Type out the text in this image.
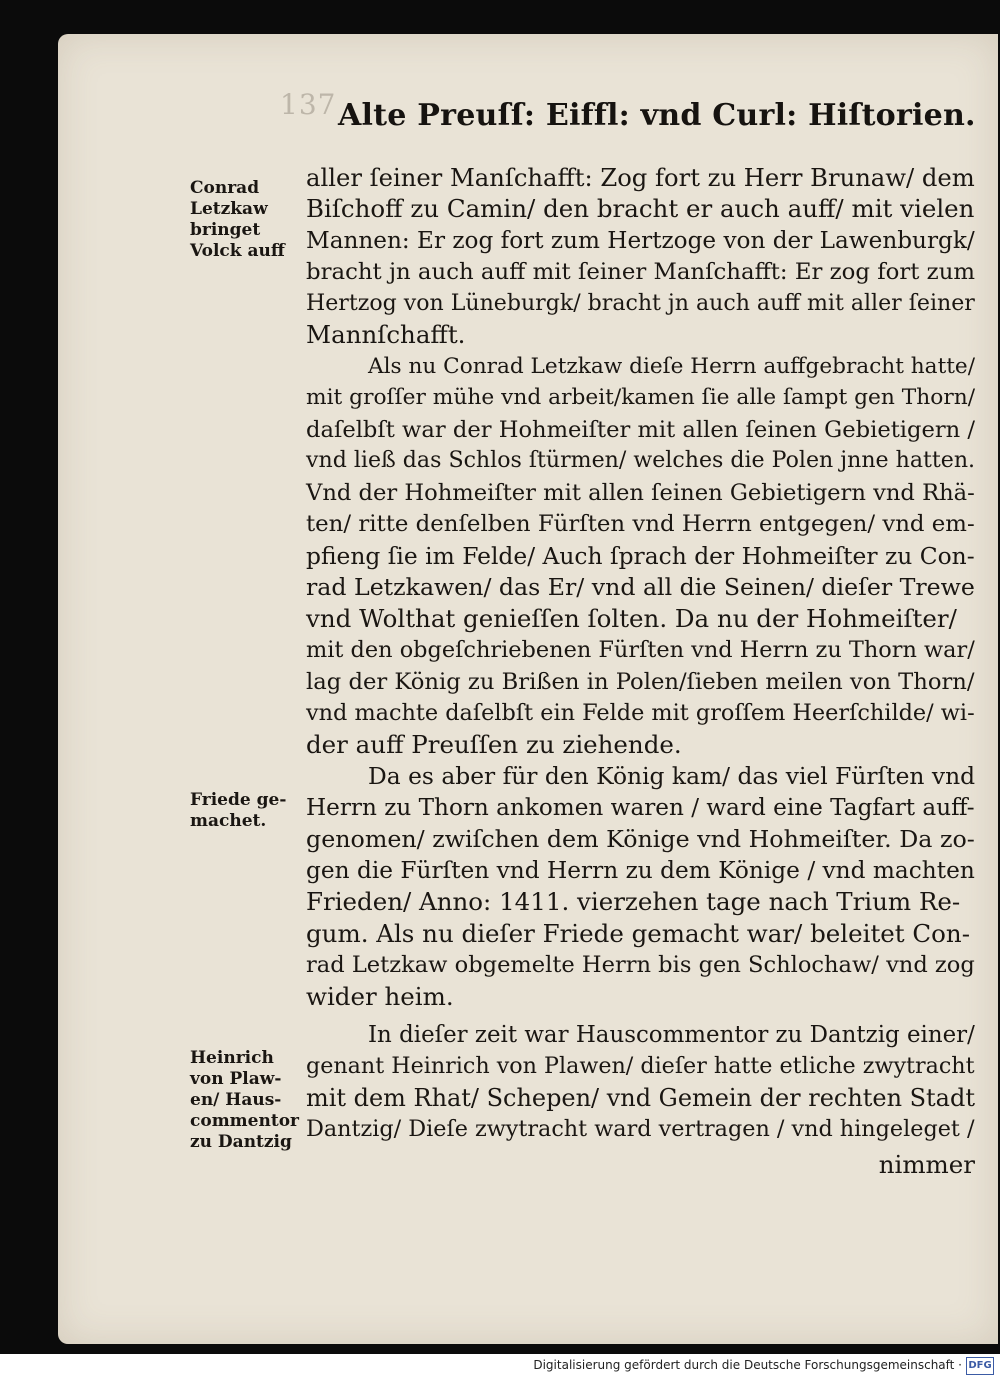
137 Alte Preuſſ: Eiffl: vnd Curl: Hiſtorien.
Conrad Letzkaw bringet Volck auff
Friede ge-machet.
Heinrich von Plaw-en/ Haus-commentor zu Dantzig
aller ſeiner Manſchafft: Zog fort zu Herr Brunaw/ dem
Biſchoff zu Camin/ den bracht er auch auff/ mit vielen
Mannen: Er zog fort zum Hertzoge von der Lawenburgk/
bracht jn auch auff mit ſeiner Manſchafft: Er zog fort zum
Hertzog von Lüneburgk/ bracht jn auch auff mit aller ſeiner
Mannſchafft.
Als nu Conrad Letzkaw dieſe Herrn auffgebracht hatte/
mit groſſer mühe vnd arbeit/kamen ſie alle ſampt gen Thorn/
daſelbſt war der Hohmeiſter mit allen ſeinen Gebietigern /
vnd ließ das Schlos ſtürmen/ welches die Polen jnne hatten.
Vnd der Hohmeiſter mit allen ſeinen Gebietigern vnd Rhä-
ten/ ritte denſelben Fürſten vnd Herrn entgegen/ vnd em-
pfieng ſie im Felde/ Auch ſprach der Hohmeiſter zu Con-
rad Letzkawen/ das Er/ vnd all die Seinen/ dieſer Trewe
vnd Wolthat genieſſen ſolten. Da nu der Hohmeiſter/
mit den obgeſchriebenen Fürſten vnd Herrn zu Thorn war/
lag der König zu Brißen in Polen/ſieben meilen von Thorn/
vnd machte daſelbſt ein Felde mit groſſem Heerſchilde/ wi-
der auff Preuſſen zu ziehende.
Da es aber für den König kam/ das viel Fürſten vnd
Herrn zu Thorn ankomen waren / ward eine Tagfart auff-
genomen/ zwiſchen dem Könige vnd Hohmeiſter. Da zo-
gen die Fürſten vnd Herrn zu dem Könige / vnd machten
Frieden/ Anno: 1411. vierzehen tage nach Trium Re-
gum. Als nu dieſer Friede gemacht war/ beleitet Con-
rad Letzkaw obgemelte Herrn bis gen Schlochaw/ vnd zog
wider heim.
In dieſer zeit war Hauscommentor zu Dantzig einer/
genant Heinrich von Plawen/ dieſer hatte etliche zwytracht
mit dem Rhat/ Schepen/ vnd Gemein der rechten Stadt
Dantzig/ Dieſe zwytracht ward vertragen / vnd hingeleget /
nimmer
Digitalisierung gefördert durch die Deutsche Forschungsgemeinschaft · DFG
